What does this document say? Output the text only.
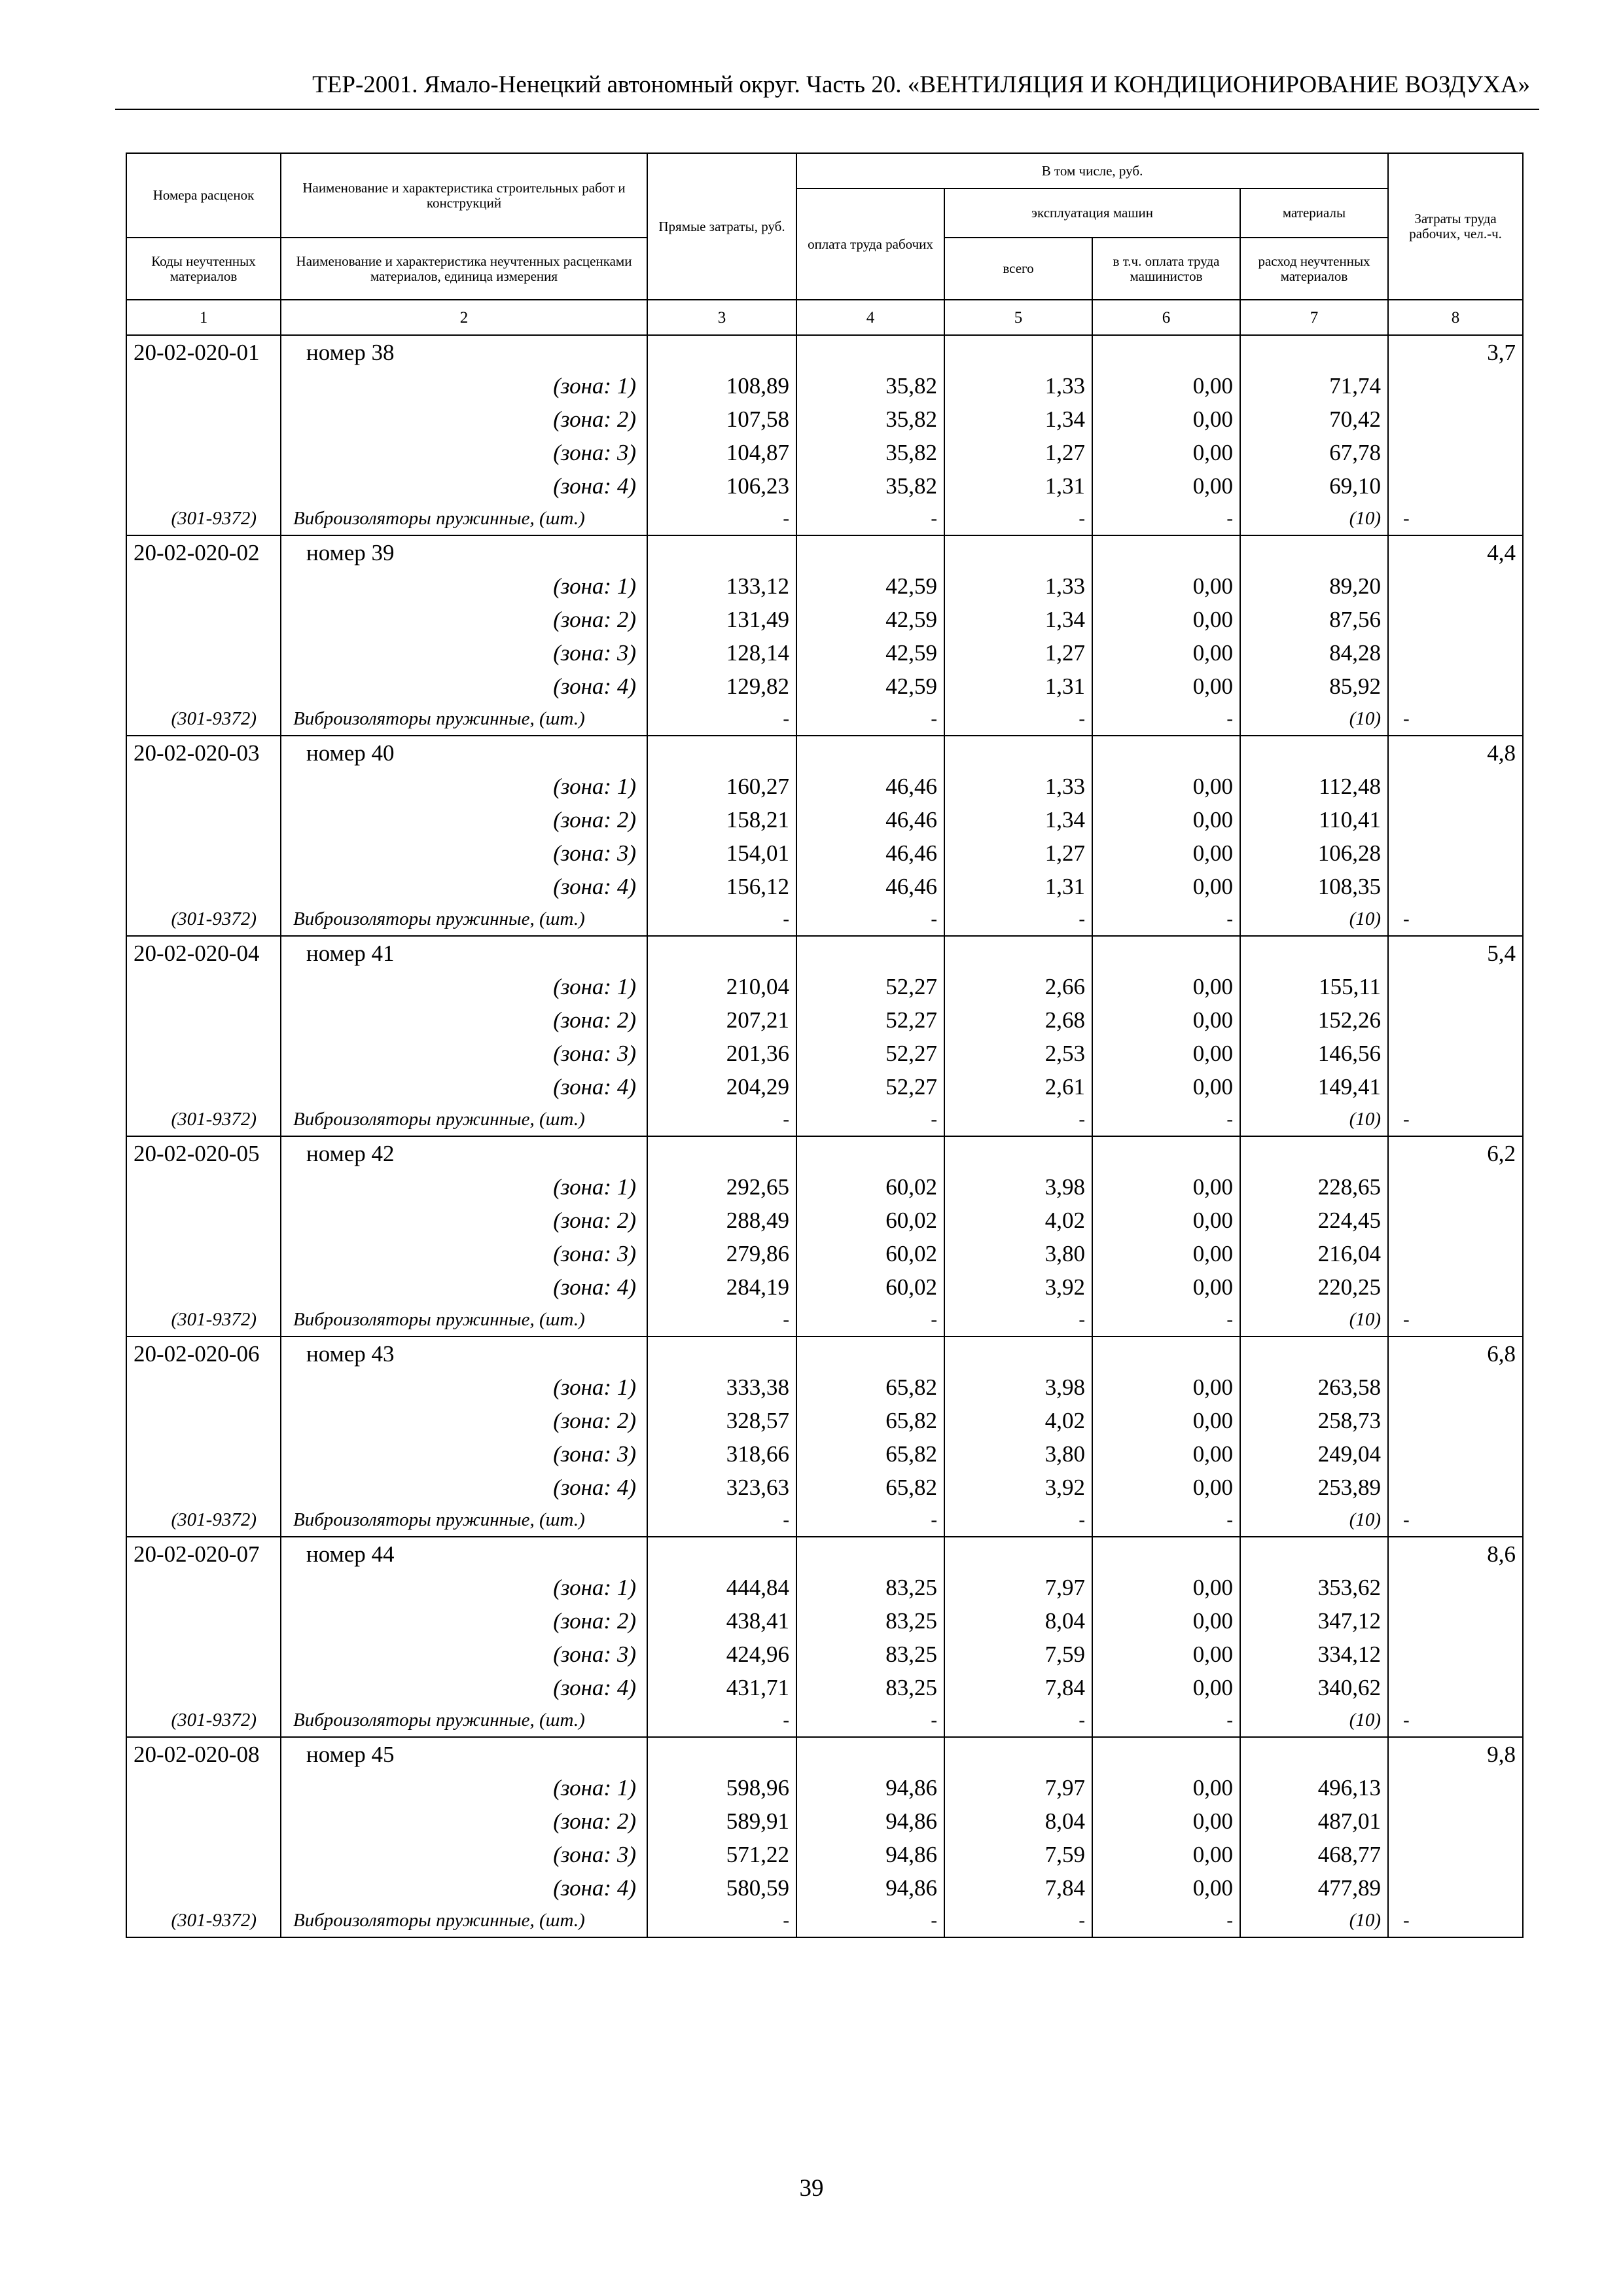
ТЕР-2001. Ямало-Ненецкий автономный округ. Часть 20. «ВЕНТИЛЯЦИЯ И КОНДИЦИОНИРОВАНИЕ ВОЗДУХА»
Номера расценок	Наименование и характеристика строительных работ и конструкций	Прямые затраты, руб.	В том числе, руб.				Затраты труда рабочих, чел.-ч.
			оплата труда рабочих	эксплуатация машин		материалы	
Коды неучтенных материалов	Наименование и характеристика неучтенных расценками материалов, единица измерения			всего	в т.ч. оплата труда машинистов	расход неучтенных материалов	
1	2	3	4	5	6	7	8
20-02-020-01	номер 38						3,7
	(зона: 1)	108,89	35,82	1,33	0,00	71,74	
	(зона: 2)	107,58	35,82	1,34	0,00	70,42	
	(зона: 3)	104,87	35,82	1,27	0,00	67,78	
	(зона: 4)	106,23	35,82	1,31	0,00	69,10	
(301-9372)	Виброизоляторы пружинные, (шт.)	-	-	-	-	(10)	-
20-02-020-02	номер 39						4,4
	(зона: 1)	133,12	42,59	1,33	0,00	89,20	
	(зона: 2)	131,49	42,59	1,34	0,00	87,56	
	(зона: 3)	128,14	42,59	1,27	0,00	84,28	
	(зона: 4)	129,82	42,59	1,31	0,00	85,92	
(301-9372)	Виброизоляторы пружинные, (шт.)	-	-	-	-	(10)	-
20-02-020-03	номер 40						4,8
	(зона: 1)	160,27	46,46	1,33	0,00	112,48	
	(зона: 2)	158,21	46,46	1,34	0,00	110,41	
	(зона: 3)	154,01	46,46	1,27	0,00	106,28	
	(зона: 4)	156,12	46,46	1,31	0,00	108,35	
(301-9372)	Виброизоляторы пружинные, (шт.)	-	-	-	-	(10)	-
20-02-020-04	номер 41						5,4
	(зона: 1)	210,04	52,27	2,66	0,00	155,11	
	(зона: 2)	207,21	52,27	2,68	0,00	152,26	
	(зона: 3)	201,36	52,27	2,53	0,00	146,56	
	(зона: 4)	204,29	52,27	2,61	0,00	149,41	
(301-9372)	Виброизоляторы пружинные, (шт.)	-	-	-	-	(10)	-
20-02-020-05	номер 42						6,2
	(зона: 1)	292,65	60,02	3,98	0,00	228,65	
	(зона: 2)	288,49	60,02	4,02	0,00	224,45	
	(зона: 3)	279,86	60,02	3,80	0,00	216,04	
	(зона: 4)	284,19	60,02	3,92	0,00	220,25	
(301-9372)	Виброизоляторы пружинные, (шт.)	-	-	-	-	(10)	-
20-02-020-06	номер 43						6,8
	(зона: 1)	333,38	65,82	3,98	0,00	263,58	
	(зона: 2)	328,57	65,82	4,02	0,00	258,73	
	(зона: 3)	318,66	65,82	3,80	0,00	249,04	
	(зона: 4)	323,63	65,82	3,92	0,00	253,89	
(301-9372)	Виброизоляторы пружинные, (шт.)	-	-	-	-	(10)	-
20-02-020-07	номер 44						8,6
	(зона: 1)	444,84	83,25	7,97	0,00	353,62	
	(зона: 2)	438,41	83,25	8,04	0,00	347,12	
	(зона: 3)	424,96	83,25	7,59	0,00	334,12	
	(зона: 4)	431,71	83,25	7,84	0,00	340,62	
(301-9372)	Виброизоляторы пружинные, (шт.)	-	-	-	-	(10)	-
20-02-020-08	номер 45						9,8
	(зона: 1)	598,96	94,86	7,97	0,00	496,13	
	(зона: 2)	589,91	94,86	8,04	0,00	487,01	
	(зона: 3)	571,22	94,86	7,59	0,00	468,77	
	(зона: 4)	580,59	94,86	7,84	0,00	477,89	
(301-9372)	Виброизоляторы пружинные, (шт.)	-	-	-	-	(10)	-
39
